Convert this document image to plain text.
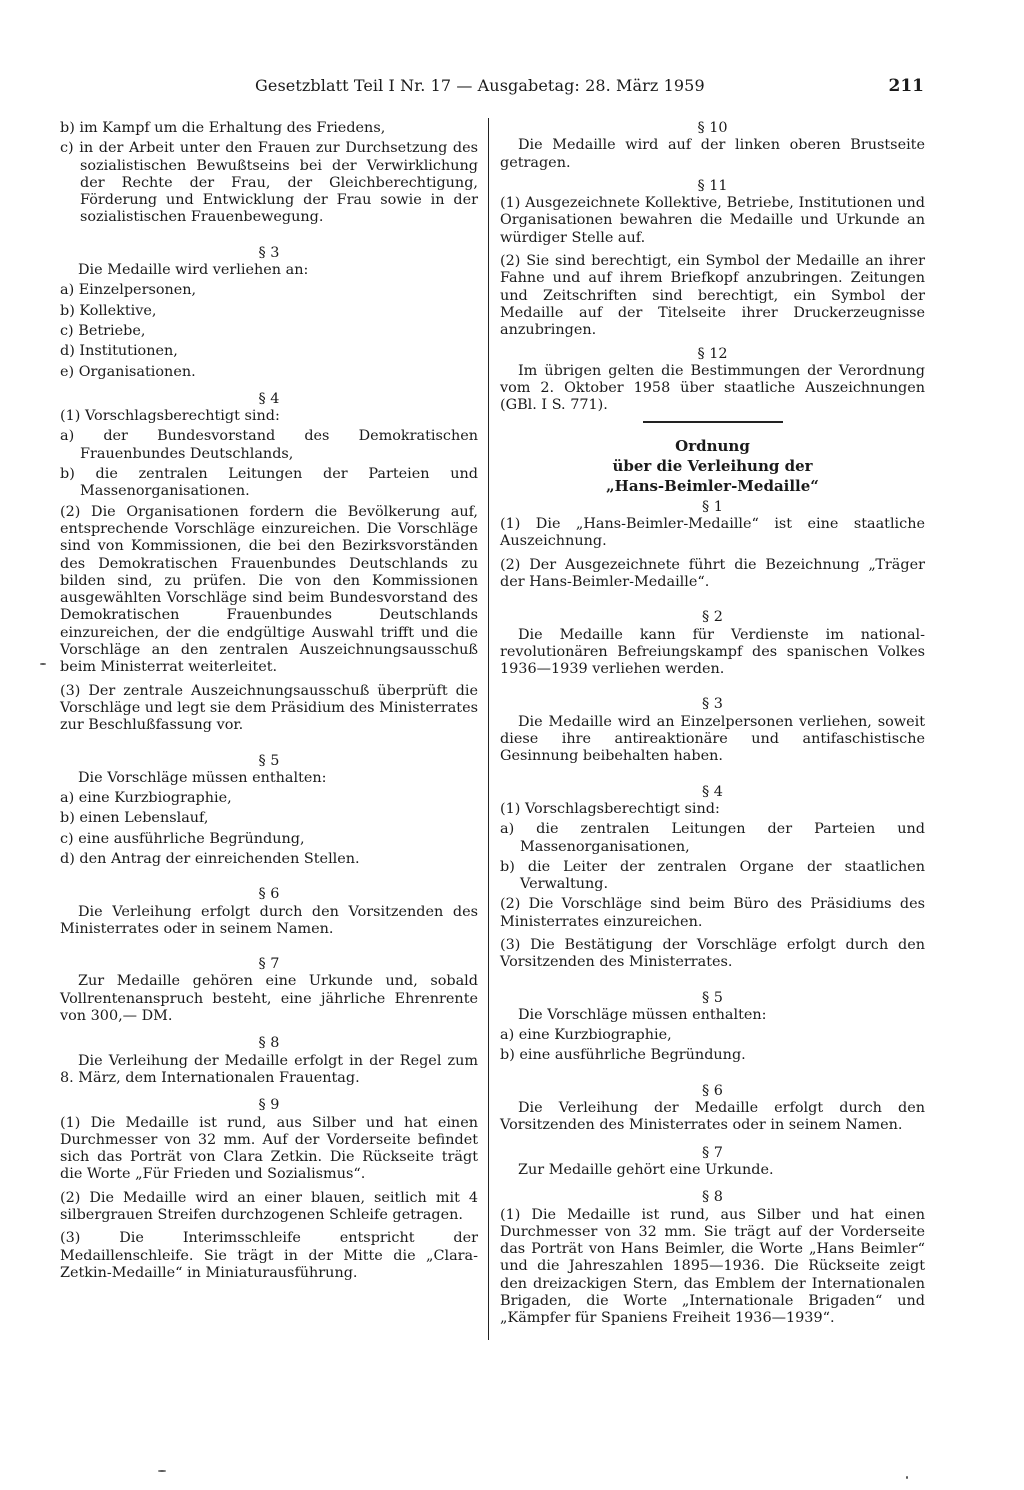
Gesetzblatt Teil I Nr. 17 — Ausgabetag: 28. März 1959	211

b) im Kampf um die Erhaltung des Friedens,

c) in der Arbeit unter den Frauen zur Durchsetzung des sozialistischen Bewußtseins bei der Verwirklichung der Rechte der Frau, der Gleichberechtigung, Förderung und Entwicklung der Frau sowie in der sozialistischen Frauenbewegung.

§ 3

Die Medaille wird verliehen an:

a) Einzelpersonen,

b) Kollektive,

c) Betriebe,

d) Institutionen,

e) Organisationen.

§ 4

(1) Vorschlagsberechtigt sind:

a) der Bundesvorstand des Demokratischen Frauenbundes Deutschlands,

b) die zentralen Leitungen der Parteien und Massenorganisationen.

(2) Die Organisationen fordern die Bevölkerung auf, entsprechende Vorschläge einzureichen. Die Vorschläge sind von Kommissionen, die bei den Bezirksvorständen des Demokratischen Frauenbundes Deutschlands zu bilden sind, zu prüfen. Die von den Kommissionen ausgewählten Vorschläge sind beim Bundesvorstand des Demokratischen Frauenbundes Deutschlands einzureichen, der die endgültige Auswahl trifft und die Vorschläge an den zentralen Auszeichnungsausschuß beim Ministerrat weiterleitet.

(3) Der zentrale Auszeichnungsausschuß überprüft die Vorschläge und legt sie dem Präsidium des Ministerrates zur Beschlußfassung vor.

§ 5

Die Vorschläge müssen enthalten:

a) eine Kurzbiographie,

b) einen Lebenslauf,

c) eine ausführliche Begründung,

d) den Antrag der einreichenden Stellen.

§ 6

Die Verleihung erfolgt durch den Vorsitzenden des Ministerrates oder in seinem Namen.

§ 7

Zur Medaille gehören eine Urkunde und, sobald Vollrentenanspruch besteht, eine jährliche Ehrenrente von 300,— DM.

§ 8

Die Verleihung der Medaille erfolgt in der Regel zum 8. März, dem Internationalen Frauentag.

§ 9

(1) Die Medaille ist rund, aus Silber und hat einen Durchmesser von 32 mm. Auf der Vorderseite befindet sich das Porträt von Clara Zetkin. Die Rückseite trägt die Worte „Für Frieden und Sozialismus“.

(2) Die Medaille wird an einer blauen, seitlich mit 4 silbergrauen Streifen durchzogenen Schleife getragen.

(3) Die Interimsschleife entspricht der Medaillenschleife. Sie trägt in der Mitte die „Clara-Zetkin-Medaille“ in Miniaturausführung.

§ 10

Die Medaille wird auf der linken oberen Brustseite getragen.

§ 11

(1) Ausgezeichnete Kollektive, Betriebe, Institutionen und Organisationen bewahren die Medaille und Urkunde an würdiger Stelle auf.

(2) Sie sind berechtigt, ein Symbol der Medaille an ihrer Fahne und auf ihrem Briefkopf anzubringen. Zeitungen und Zeitschriften sind berechtigt, ein Symbol der Medaille auf der Titelseite ihrer Druckerzeugnisse anzubringen.

§ 12

Im übrigen gelten die Bestimmungen der Verordnung vom 2. Oktober 1958 über staatliche Auszeichnungen (GBl. I S. 771).

Ordnung

über die Verleihung der

„Hans-Beimler-Medaille“

§ 1

(1) Die „Hans-Beimler-Medaille“ ist eine staatliche Auszeichnung.

(2) Der Ausgezeichnete führt die Bezeichnung „Träger der Hans-Beimler-Medaille“.

§ 2

Die Medaille kann für Verdienste im national-revolutionären Befreiungskampf des spanischen Volkes 1936—1939 verliehen werden.

§ 3

Die Medaille wird an Einzelpersonen verliehen, soweit diese ihre antireaktionäre und antifaschistische Gesinnung beibehalten haben.

§ 4

(1) Vorschlagsberechtigt sind:

a) die zentralen Leitungen der Parteien und Massenorganisationen,

b) die Leiter der zentralen Organe der staatlichen Verwaltung.

(2) Die Vorschläge sind beim Büro des Präsidiums des Ministerrates einzureichen.

(3) Die Bestätigung der Vorschläge erfolgt durch den Vorsitzenden des Ministerrates.

§ 5

Die Vorschläge müssen enthalten:

a) eine Kurzbiographie,

b) eine ausführliche Begründung.

§ 6

Die Verleihung der Medaille erfolgt durch den Vorsitzenden des Ministerrates oder in seinem Namen.

§ 7

Zur Medaille gehört eine Urkunde.

§ 8

(1) Die Medaille ist rund, aus Silber und hat einen Durchmesser von 32 mm. Sie trägt auf der Vorderseite das Porträt von Hans Beimler, die Worte „Hans Beimler“ und die Jahreszahlen 1895—1936. Die Rückseite zeigt den dreizackigen Stern, das Emblem der Internationalen Brigaden, die Worte „Internationale Brigaden“ und „Kämpfer für Spaniens Freiheit 1936—1939“.
